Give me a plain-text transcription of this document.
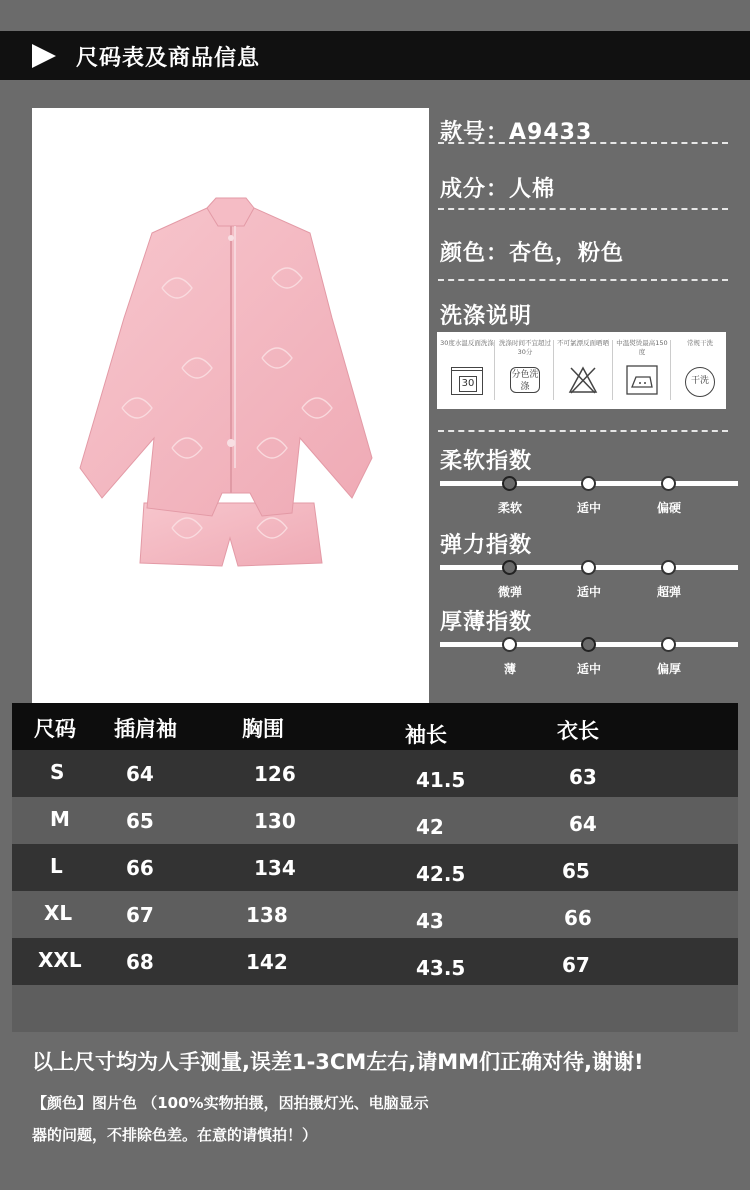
尺码表及商品信息
款号：A9433
成分：人棉
颜色：杏色，粉色
洗涤说明
30度水温反面洗涤
30
洗涤时间不宜超过30分
分色洗涤
不可氯漂反面晒晒	中温熨烫最高150度
常规干洗
干洗
柔软指数
柔软	适中	偏硬
弹力指数
微弹	适中	超弹
厚薄指数
薄	适中	偏厚
尺码 插肩袖	胸围	袖长	衣长
S	64	126	41.5	63
M	65	130	42	64
L	66	134	42.5	65
XL	67	138	43	66
XXL 68	142	43.5	67
以上尺寸均为人手测量,误差1-3CM左右,请MM们正确对待,谢谢!
【颜色】图片色 （100%实物拍摄，因拍摄灯光、电脑显示
器的问题，不排除色差。在意的请慎拍！）
